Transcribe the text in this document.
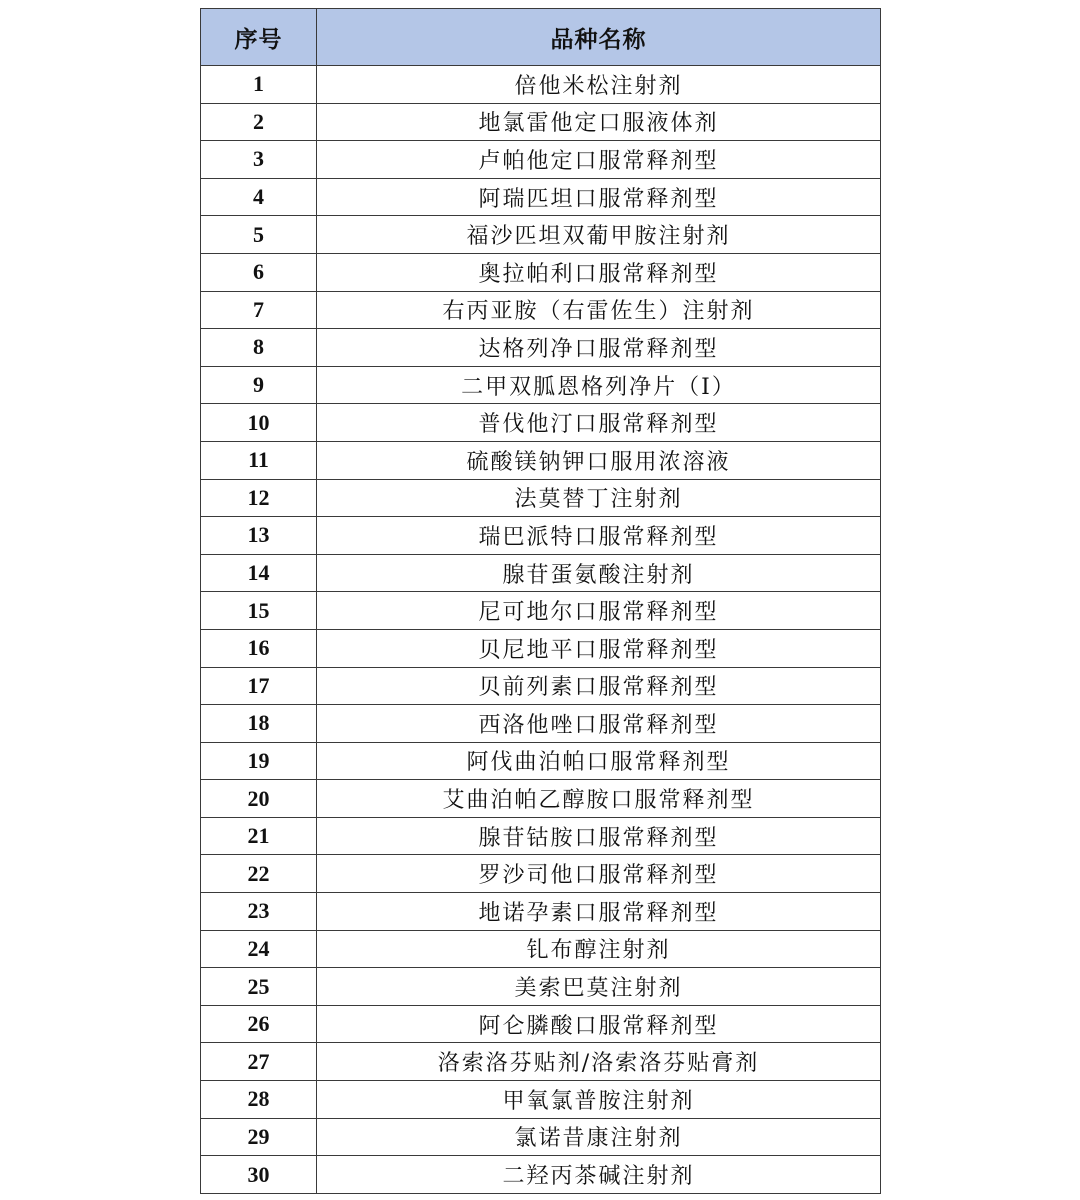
序号	品种名称
1	倍他米松注射剂
2	地氯雷他定口服液体剂
3	卢帕他定口服常释剂型
4	阿瑞匹坦口服常释剂型
5	福沙匹坦双葡甲胺注射剂
6	奥拉帕利口服常释剂型
7	右丙亚胺（右雷佐生）注射剂
8	达格列净口服常释剂型
9	二甲双胍恩格列净片（Ⅰ）
10	普伐他汀口服常释剂型
11	硫酸镁钠钾口服用浓溶液
12	法莫替丁注射剂
13	瑞巴派特口服常释剂型
14	腺苷蛋氨酸注射剂
15	尼可地尔口服常释剂型
16	贝尼地平口服常释剂型
17	贝前列素口服常释剂型
18	西洛他唑口服常释剂型
19	阿伐曲泊帕口服常释剂型
20	艾曲泊帕乙醇胺口服常释剂型
21	腺苷钴胺口服常释剂型
22	罗沙司他口服常释剂型
23	地诺孕素口服常释剂型
24	钆布醇注射剂
25	美索巴莫注射剂
26	阿仑膦酸口服常释剂型
27	洛索洛芬贴剂/洛索洛芬贴膏剂
28	甲氧氯普胺注射剂
29	氯诺昔康注射剂
30	二羟丙茶碱注射剂
